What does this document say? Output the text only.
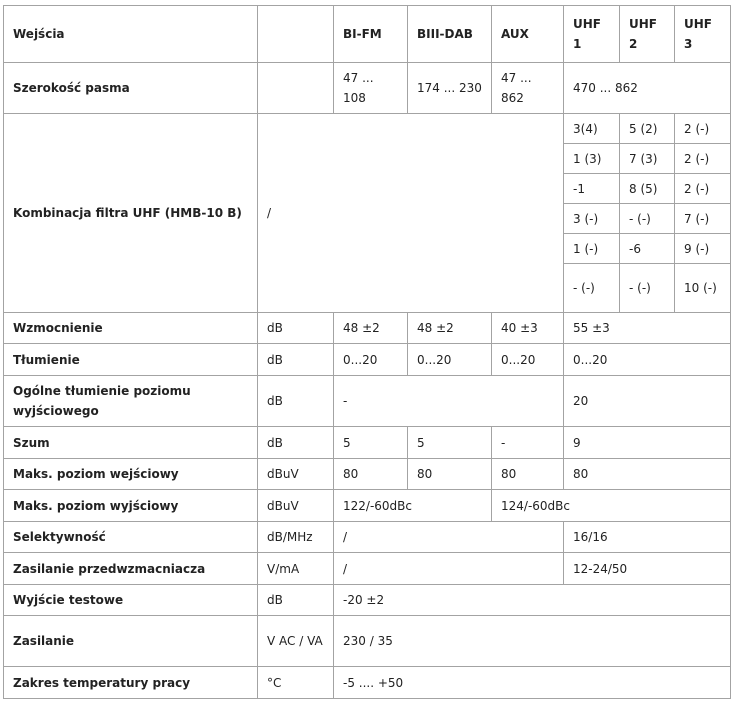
Wejścia		BI-FM	BIII-DAB	AUX	UHF 1	UHF 2	UHF 3
Szerokość pasma		47 ... 108	174 ... 230	47 ... 862	470 ... 862		
Kombinacja filtra UHF (HMB-10 B)	/				3(4)	5 (2)	2 (-)
					1 (3)	7 (3)	2 (-)
					-1	8 (5)	2 (-)
					3 (-)	- (-)	7 (-)
					1 (-)	-6	9 (-)
					- (-)	- (-)	10 (-)
Wzmocnienie	dB	48 ±2	48 ±2	40 ±3	55 ±3		
Tłumienie	dB	0...20	0...20	0...20	0...20		
Ogólne tłumienie poziomu wyjściowego	dB	-			20		
Szum	dB	5	5	-	9		
Maks. poziom wejściowy	dBuV	80	80	80	80		
Maks. poziom wyjściowy	dBuV	122/-60dBc		124/-60dBc			
Selektywność	dB/MHz	/			16/16		
Zasilanie przedwzmacniacza	V/mA	/			12-24/50		
Wyjście testowe	dB	-20 ±2					
Zasilanie	V AC / VA	230 / 35					
Zakres temperatury pracy	°C	-5 .... +50					
